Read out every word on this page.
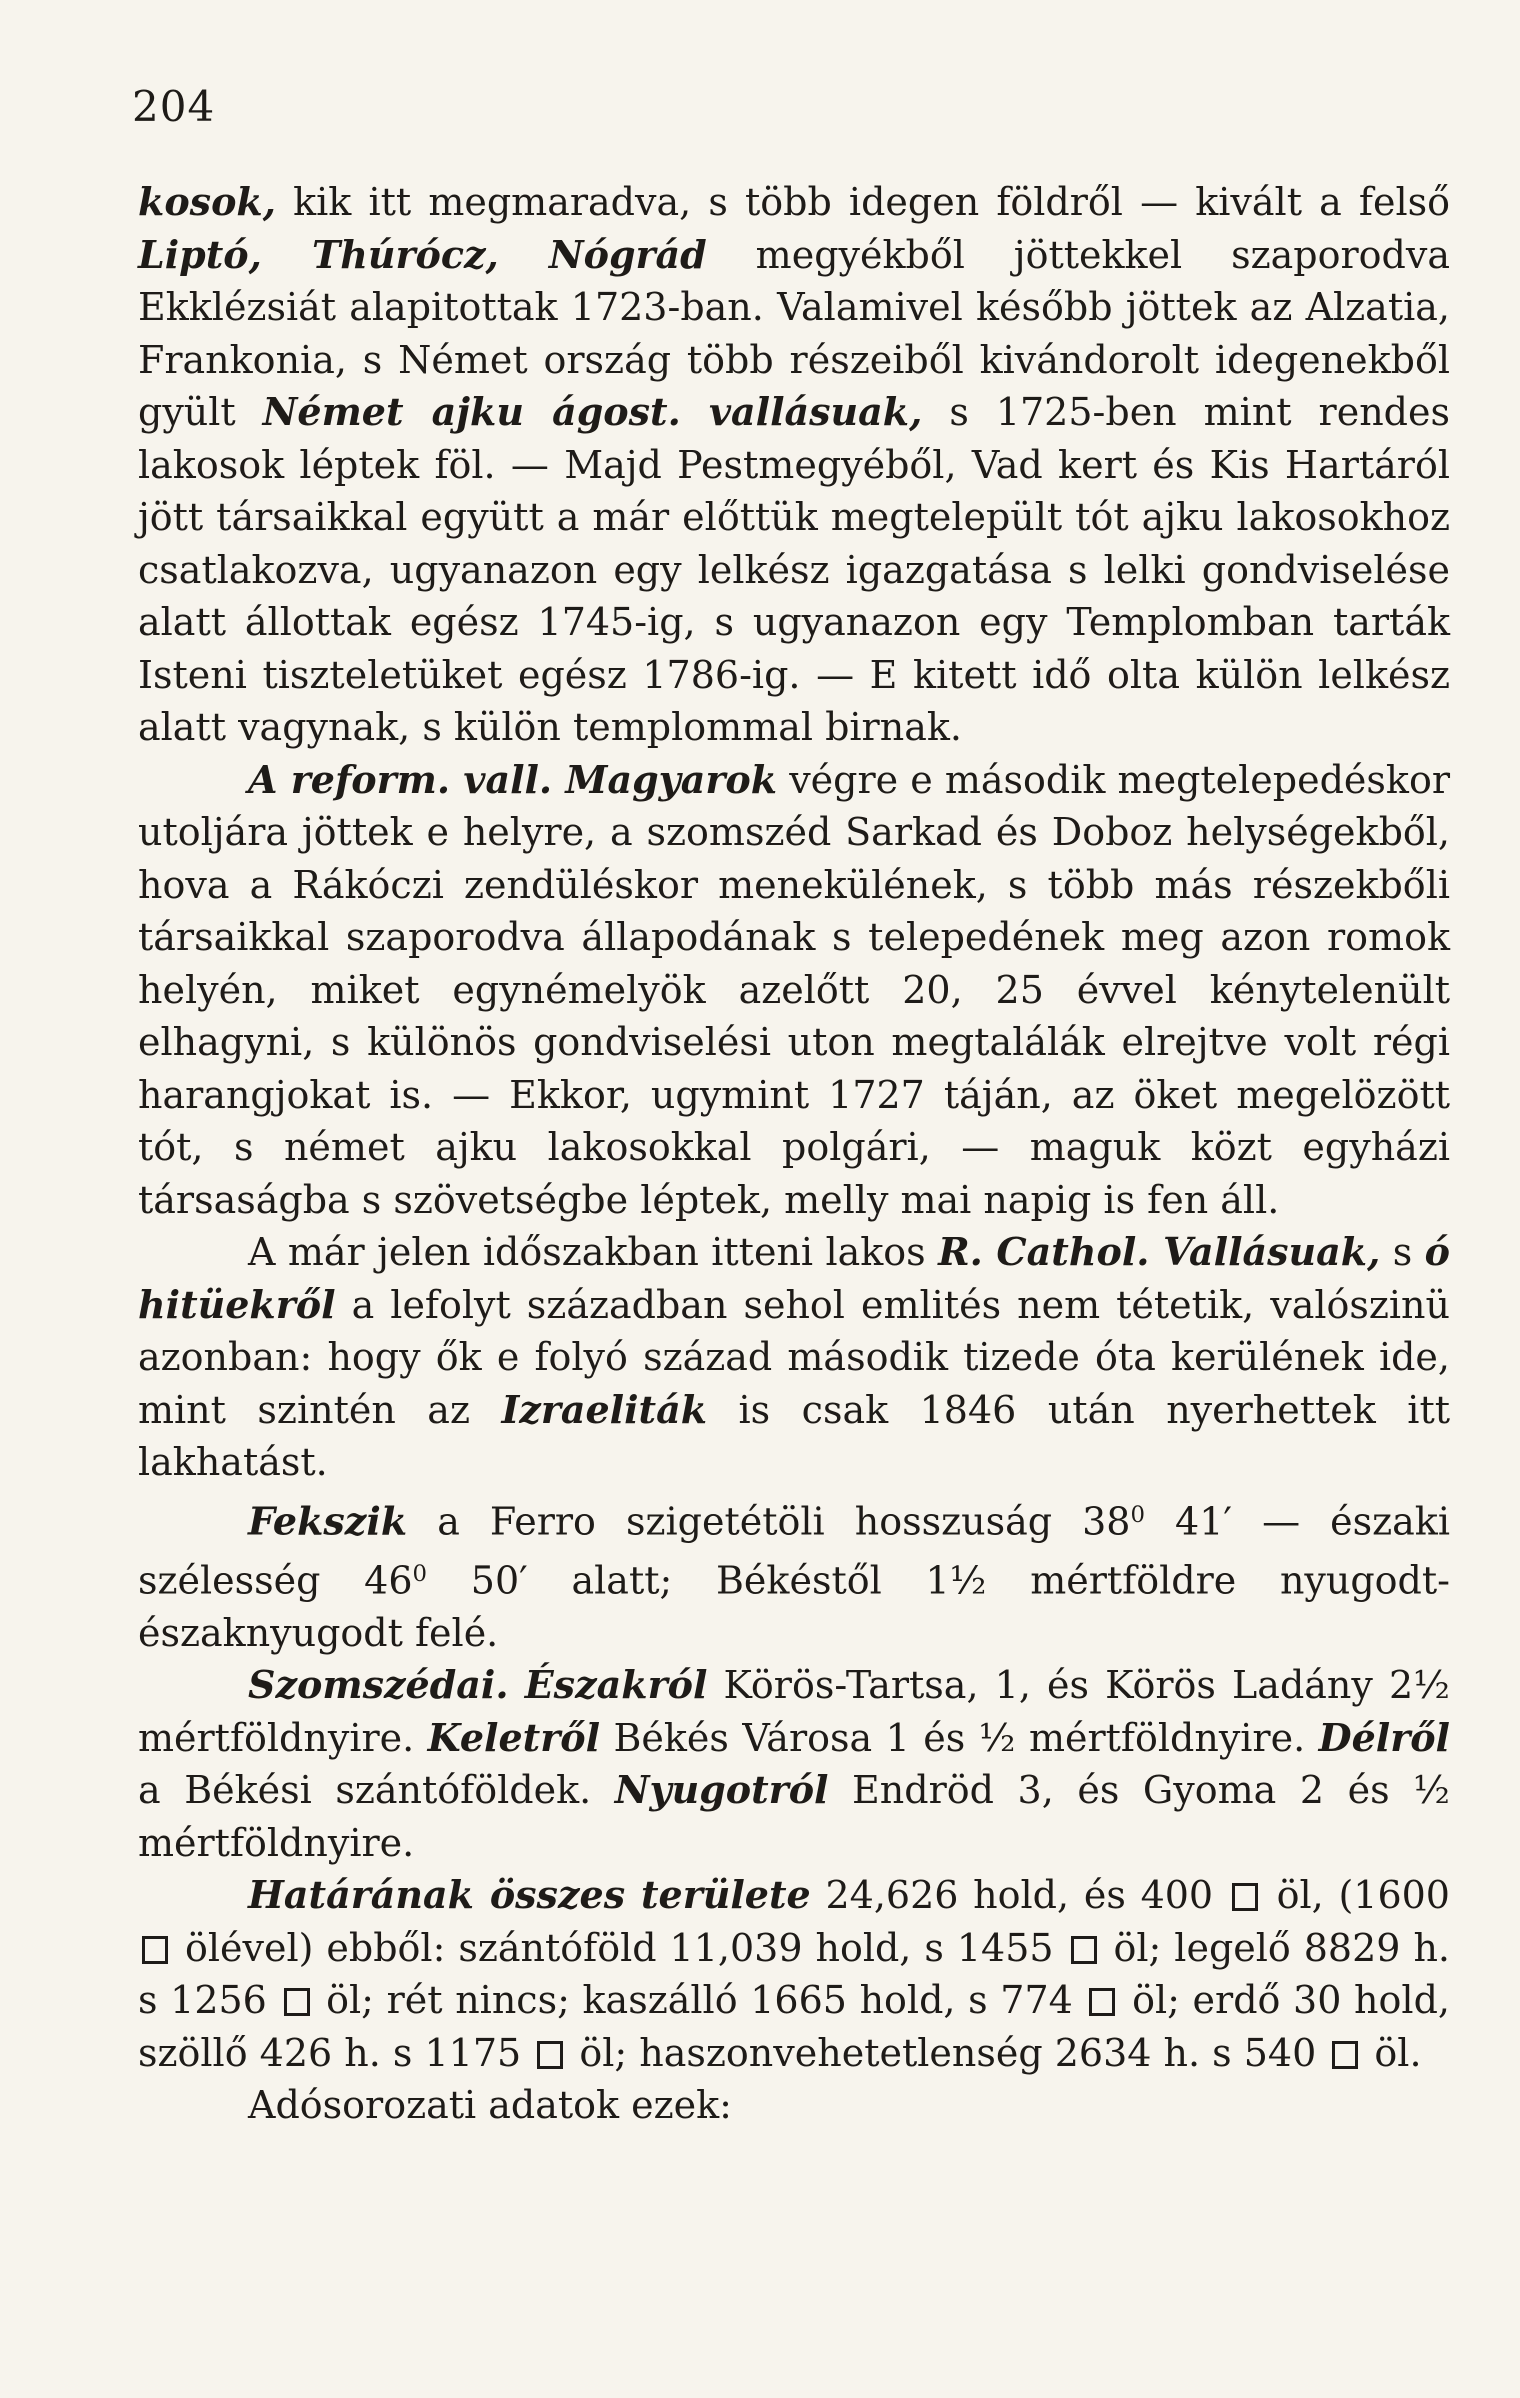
204

kosok, kik itt megmaradva, s több idegen földről — kivált a felső Liptó, Thúrócz, Nógrád megyékből jöttekkel szaporodva Ekklézsiát alapitottak 1723-ban. Valamivel később jöttek az Alzatia, Frankonia, s Német ország több részeiből kivándorolt idegenekből gyült Német ajku ágost. vallásuak, s 1725-ben mint rendes lakosok léptek föl. — Majd Pestmegyéből, Vad kert és Kis Hartáról jött társaikkal együtt a már előttük megtelepült tót ajku lakosokhoz csatlakozva, ugyanazon egy lelkész igazgatása s lelki gondviselése alatt állottak egész 1745-ig, s ugyanazon egy Templomban tarták Isteni tiszteletüket egész 1786-ig. — E kitett idő olta külön lelkész alatt vagynak, s külön templommal birnak.

A reform. vall. Magyarok végre e második megtelepedéskor utoljára jöttek e helyre, a szomszéd Sarkad és Doboz helységekből, hova a Rákóczi zendüléskor menekülének, s több más részekbőli társaikkal szaporodva állapodának s telepedének meg azon romok helyén, miket egynémelyök azelőtt 20, 25 évvel kénytelenült elhagyni, s különös gondviselési uton megtalálák elrejtve volt régi harangjokat is. — Ekkor, ugymint 1727 táján, az öket megelözött tót, s német ajku lakosokkal polgári, — maguk közt egyházi társaságba s szövetségbe léptek, melly mai napig is fen áll.

A már jelen időszakban itteni lakos R. Cathol. Vallásuak, s ó hitüekről a lefolyt században sehol emlités nem tétetik, valószinü azonban: hogy ők e folyó század második tizede óta kerülének ide, mint szintén az Izraeliták is csak 1846 után nyerhettek itt lakhatást.

Fekszik a Ferro szigetétöli hosszuság $38^0$ 41′ — északi szélesség $46^0$ 50′ alatt; Békéstől 1½ mértföldre nyugodt-északnyugodt felé.

Szomszédai. Északról Körös-Tartsa, 1, és Körös Ladány 2½ mértföldnyire. Keletről Békés Városa 1 és ½ mértföldnyire. Délről a Békési szántóföldek. Nyugotról Endröd 3, és Gyoma 2 és ½ mértföldnyire.

Határának összes területe 24,626 hold, és 400  öl, (1600  ölével) ebből: szántóföld 11,039 hold, s 1455  öl; legelő 8829 h. s 1256  öl; rét nincs; kaszálló 1665 hold, s 774  öl; erdő 30 hold, szöllő 426 h. s 1175  öl; haszonvehetetlenség 2634 h. s 540  öl.

Adósorozati adatok ezek:
